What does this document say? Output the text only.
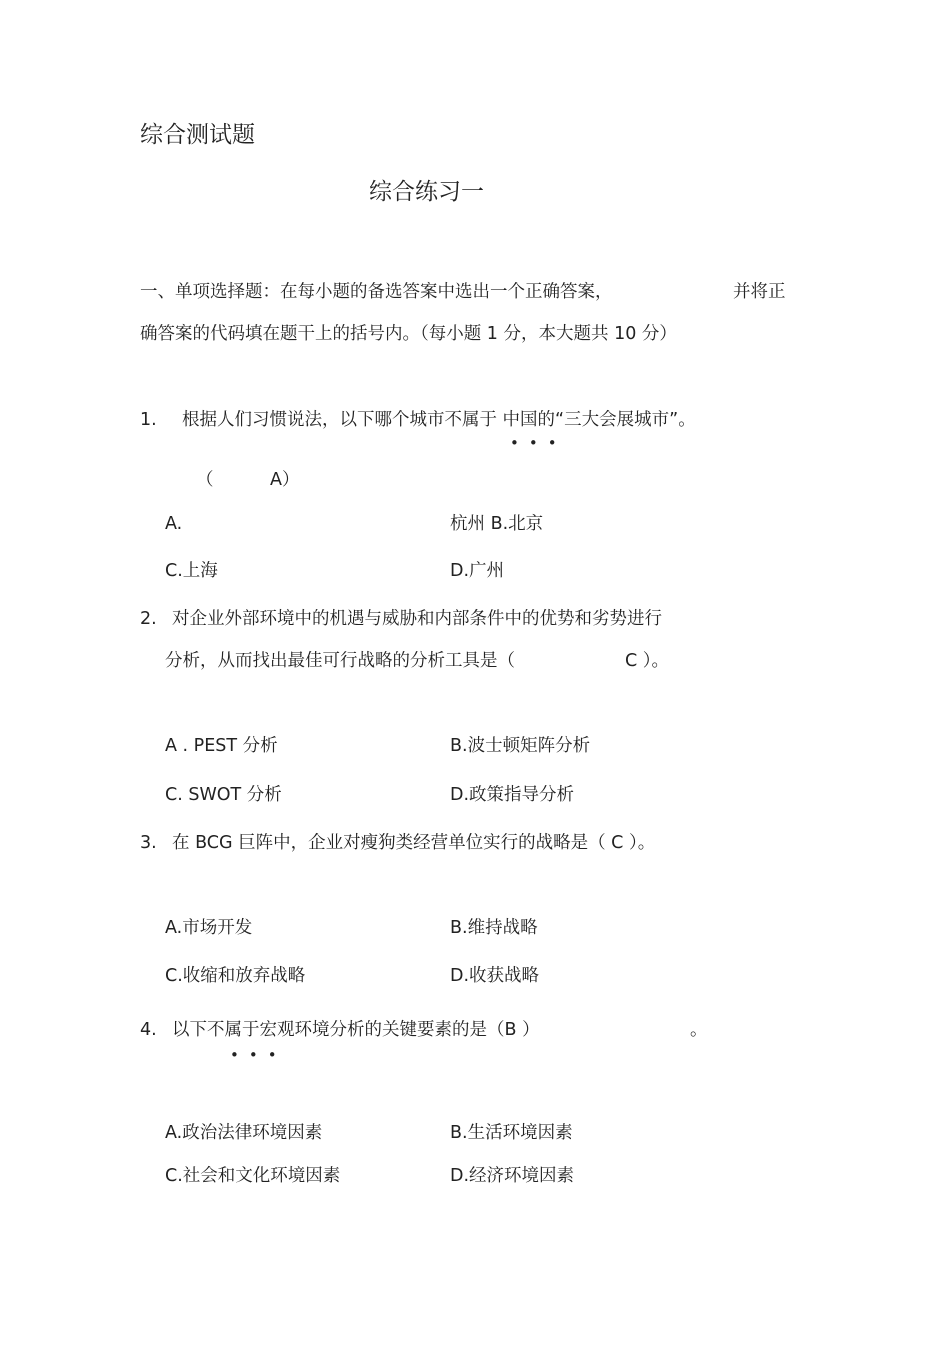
综合测试题
综合练习一
一、单项选择题：在每小题的备选答案中选出一个正确答案，	并将正
确答案的代码填在题干上的括号内。（每小题 1 分，本大题共 10 分）
1. 根据人们习惯说法，以下哪个城市不属于 中国的“三大会展城市”。
•••
（	A）
A.	杭州 B.北京
C.上海	D.广州
2. 对企业外部环境中的机遇与威胁和内部条件中的优势和劣势进行
分析，从而找出最佳可行战略的分析工具是（	C ）。
A . PEST 分析	B.波士顿矩阵分析
C. SWOT 分析	D.政策指导分析
3. 在 BCG 巨阵中，企业对瘦狗类经营单位实行的战略是（ C ）。
A.市场开发	B.维持战略
C.收缩和放弃战略	D.收获战略
4. 以下不属于宏观环境分析的关键要素的是（B ）	。
•••
A.政治法律环境因素	B.生活环境因素
C.社会和文化环境因素	D.经济环境因素
